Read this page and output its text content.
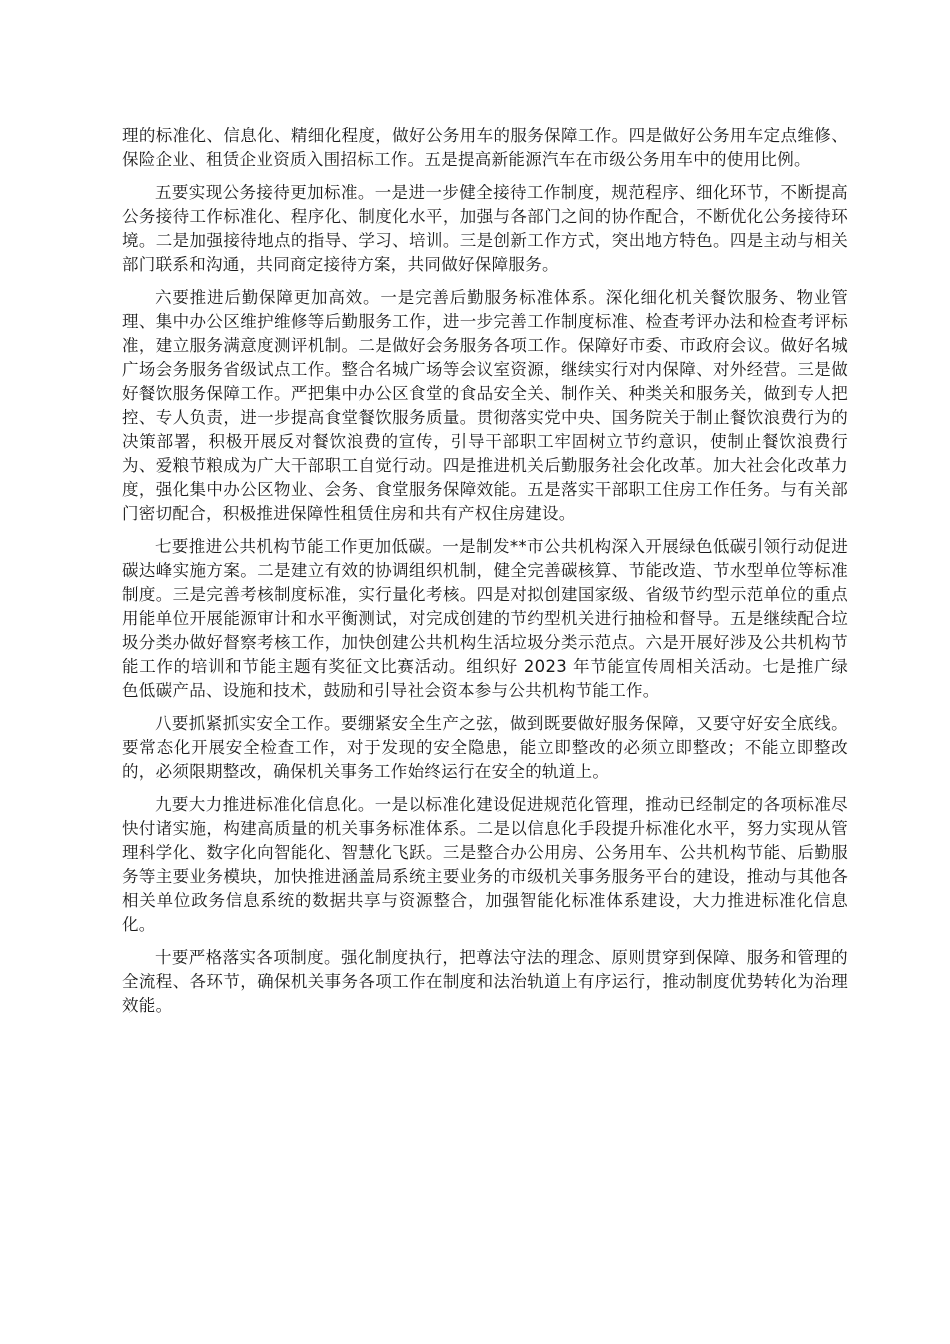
理的标准化、信息化、精细化程度，做好公务用车的服务保障工作。四是做好公务用车定点维修、保险企业、租赁企业资质入围招标工作。五是提高新能源汽车在市级公务用车中的使用比例。

五要实现公务接待更加标准。一是进一步健全接待工作制度，规范程序、细化环节，不断提高公务接待工作标准化、程序化、制度化水平，加强与各部门之间的协作配合，不断优化公务接待环境。二是加强接待地点的指导、学习、培训。三是创新工作方式，突出地方特色。四是主动与相关部门联系和沟通，共同商定接待方案，共同做好保障服务。

六要推进后勤保障更加高效。一是完善后勤服务标准体系。深化细化机关餐饮服务、物业管理、集中办公区维护维修等后勤服务工作，进一步完善工作制度标准、检查考评办法和检查考评标准，建立服务满意度测评机制。二是做好会务服务各项工作。保障好市委、市政府会议。做好名城广场会务服务省级试点工作。整合名城广场等会议室资源，继续实行对内保障、对外经营。三是做好餐饮服务保障工作。严把集中办公区食堂的食品安全关、制作关、种类关和服务关，做到专人把控、专人负责，进一步提高食堂餐饮服务质量。贯彻落实党中央、国务院关于制止餐饮浪费行为的决策部署，积极开展反对餐饮浪费的宣传，引导干部职工牢固树立节约意识，使制止餐饮浪费行为、爱粮节粮成为广大干部职工自觉行动。四是推进机关后勤服务社会化改革。加大社会化改革力度，强化集中办公区物业、会务、食堂服务保障效能。五是落实干部职工住房工作任务。与有关部门密切配合，积极推进保障性租赁住房和共有产权住房建设。

七要推进公共机构节能工作更加低碳。一是制发**市公共机构深入开展绿色低碳引领行动促进碳达峰实施方案。二是建立有效的协调组织机制，健全完善碳核算、节能改造、节水型单位等标准制度。三是完善考核制度标准，实行量化考核。四是对拟创建国家级、省级节约型示范单位的重点用能单位开展能源审计和水平衡测试，对完成创建的节约型机关进行抽检和督导。五是继续配合垃圾分类办做好督察考核工作，加快创建公共机构生活垃圾分类示范点。六是开展好涉及公共机构节能工作的培训和节能主题有奖征文比赛活动。组织好 2023 年节能宣传周相关活动。七是推广绿色低碳产品、设施和技术，鼓励和引导社会资本参与公共机构节能工作。

八要抓紧抓实安全工作。要绷紧安全生产之弦，做到既要做好服务保障，又要守好安全底线。要常态化开展安全检查工作，对于发现的安全隐患，能立即整改的必须立即整改；不能立即整改的，必须限期整改，确保机关事务工作始终运行在安全的轨道上。

九要大力推进标准化信息化。一是以标准化建设促进规范化管理，推动已经制定的各项标准尽快付诸实施，构建高质量的机关事务标准体系。二是以信息化手段提升标准化水平，努力实现从管理科学化、数字化向智能化、智慧化飞跃。三是整合办公用房、公务用车、公共机构节能、后勤服务等主要业务模块，加快推进涵盖局系统主要业务的市级机关事务服务平台的建设，推动与其他各相关单位政务信息系统的数据共享与资源整合，加强智能化标准体系建设，大力推进标准化信息化。

十要严格落实各项制度。强化制度执行，把尊法守法的理念、原则贯穿到保障、服务和管理的全流程、各环节，确保机关事务各项工作在制度和法治轨道上有序运行，推动制度优势转化为治理效能。
